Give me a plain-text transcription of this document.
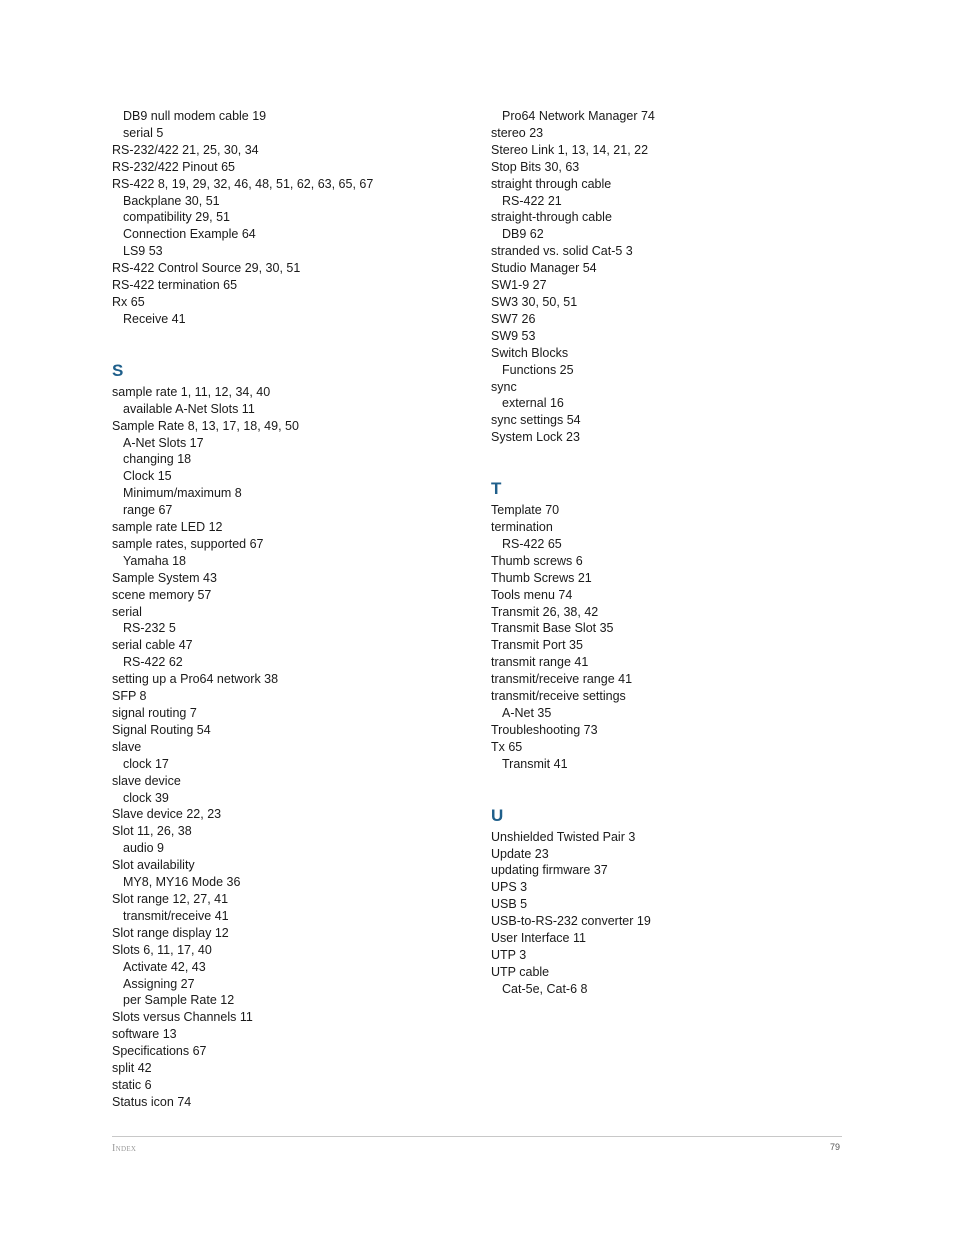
DB9 null modem cable 19
serial 5
RS-232/422 21, 25, 30, 34
RS-232/422 Pinout 65
RS-422 8, 19, 29, 32, 46, 48, 51, 62, 63, 65, 67
Backplane 30, 51
compatibility 29, 51
Connection Example 64
LS9 53
RS-422 Control Source 29, 30, 51
RS-422 termination 65
Rx 65
Receive 41
S
sample rate 1, 11, 12, 34, 40
available A-Net Slots 11
Sample Rate 8, 13, 17, 18, 49, 50
A-Net Slots 17
changing 18
Clock 15
Minimum/maximum 8
range 67
sample rate LED 12
sample rates, supported 67
Yamaha 18
Sample System 43
scene memory 57
serial
RS-232 5
serial cable 47
RS-422 62
setting up a Pro64 network 38
SFP 8
signal routing 7
Signal Routing 54
slave
clock 17
slave device
clock 39
Slave device 22, 23
Slot 11, 26, 38
audio 9
Slot availability
MY8, MY16 Mode 36
Slot range 12, 27, 41
transmit/receive 41
Slot range display 12
Slots 6, 11, 17, 40
Activate 42, 43
Assigning 27
per Sample Rate 12
Slots versus Channels 11
software 13
Specifications 67
split 42
static 6
Status icon 74
Pro64 Network Manager 74
stereo 23
Stereo Link 1, 13, 14, 21, 22
Stop Bits 30, 63
straight through cable
RS-422 21
straight-through cable
DB9 62
stranded vs. solid Cat-5 3
Studio Manager 54
SW1-9 27
SW3 30, 50, 51
SW7 26
SW9 53
Switch Blocks
Functions 25
sync
external 16
sync settings 54
System Lock 23
T
Template 70
termination
RS-422 65
Thumb screws 6
Thumb Screws 21
Tools menu 74
Transmit 26, 38, 42
Transmit Base Slot 35
Transmit Port 35
transmit range 41
transmit/receive range 41
transmit/receive settings
A-Net 35
Troubleshooting 73
Tx 65
Transmit 41
U
Unshielded Twisted Pair 3
Update 23
updating firmware 37
UPS 3
USB 5
USB-to-RS-232 converter 19
User Interface 11
UTP 3
UTP cable
Cat-5e, Cat-6 8
Index	79
